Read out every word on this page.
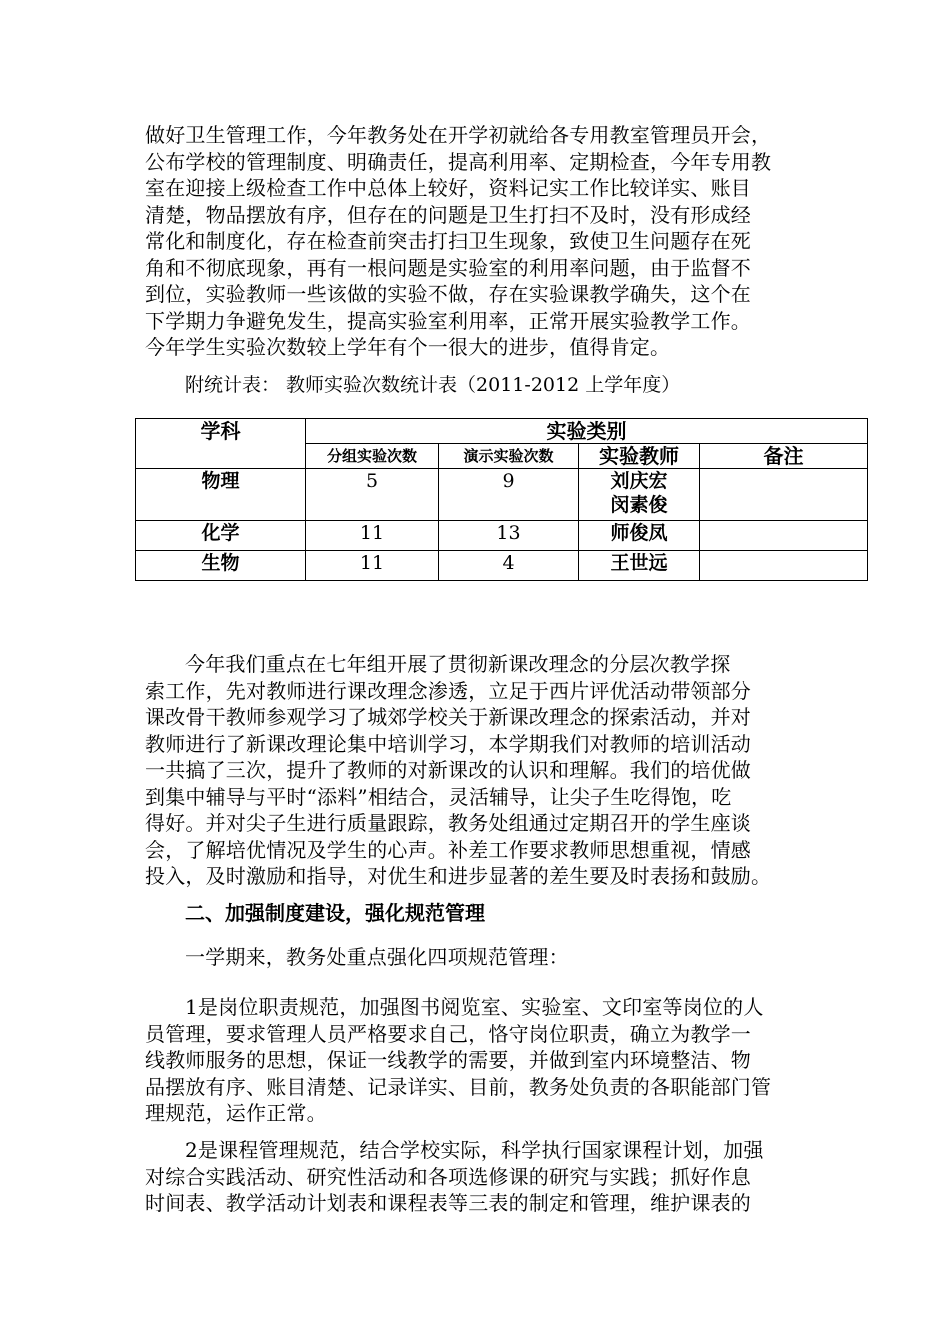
做好卫生管理工作，今年教务处在开学初就给各专用教室管理员开会，
公布学校的管理制度、明确责任，提高利用率、定期检查，今年专用教
室在迎接上级检查工作中总体上较好，资料记实工作比较详实、账目
清楚，物品摆放有序，但存在的问题是卫生打扫不及时，没有形成经
常化和制度化，存在检查前突击打扫卫生现象，致使卫生问题存在死
角和不彻底现象，再有一根问题是实验室的利用率问题，由于监督不
到位，实验教师一些该做的实验不做，存在实验课教学确失，这个在
下学期力争避免发生，提高实验室利用率，正常开展实验教学工作。
今年学生实验次数较上学年有个一很大的进步，值得肯定。
附统计表： 教师实验次数统计表（2011-2012 上学年度）
学科	实验类别			
	分组实验次数	演示实验次数	实验教师	备注
物理	5	9	刘庆宏
闵素俊	

化学	11	13	师俊凤	
生物	11	4	王世远	
今年我们重点在七年组开展了贯彻新课改理念的分层次教学探
索工作，先对教师进行课改理念渗透，立足于西片评优活动带领部分
课改骨干教师参观学习了城郊学校关于新课改理念的探索活动，并对
教师进行了新课改理论集中培训学习，本学期我们对教师的培训活动
一共搞了三次，提升了教师的对新课改的认识和理解。我们的培优做
到集中辅导与平时“添料”相结合，灵活辅导，让尖子生吃得饱，吃
得好。并对尖子生进行质量跟踪，教务处组通过定期召开的学生座谈
会，了解培优情况及学生的心声。补差工作要求教师思想重视，情感
投入，及时激励和指导，对优生和进步显著的差生要及时表扬和鼓励。
二、加强制度建设，强化规范管理
一学期来，教务处重点强化四项规范管理：
1是岗位职责规范，加强图书阅览室、实验室、文印室等岗位的人
员管理，要求管理人员严格要求自己，恪守岗位职责，确立为教学一
线教师服务的思想，保证一线教学的需要，并做到室内环境整洁、物
品摆放有序、账目清楚、记录详实、目前，教务处负责的各职能部门管
理规范，运作正常。
2是课程管理规范，结合学校实际，科学执行国家课程计划，加强
对综合实践活动、研究性活动和各项选修课的研究与实践；抓好作息
时间表、教学活动计划表和课程表等三表的制定和管理，维护课表的
